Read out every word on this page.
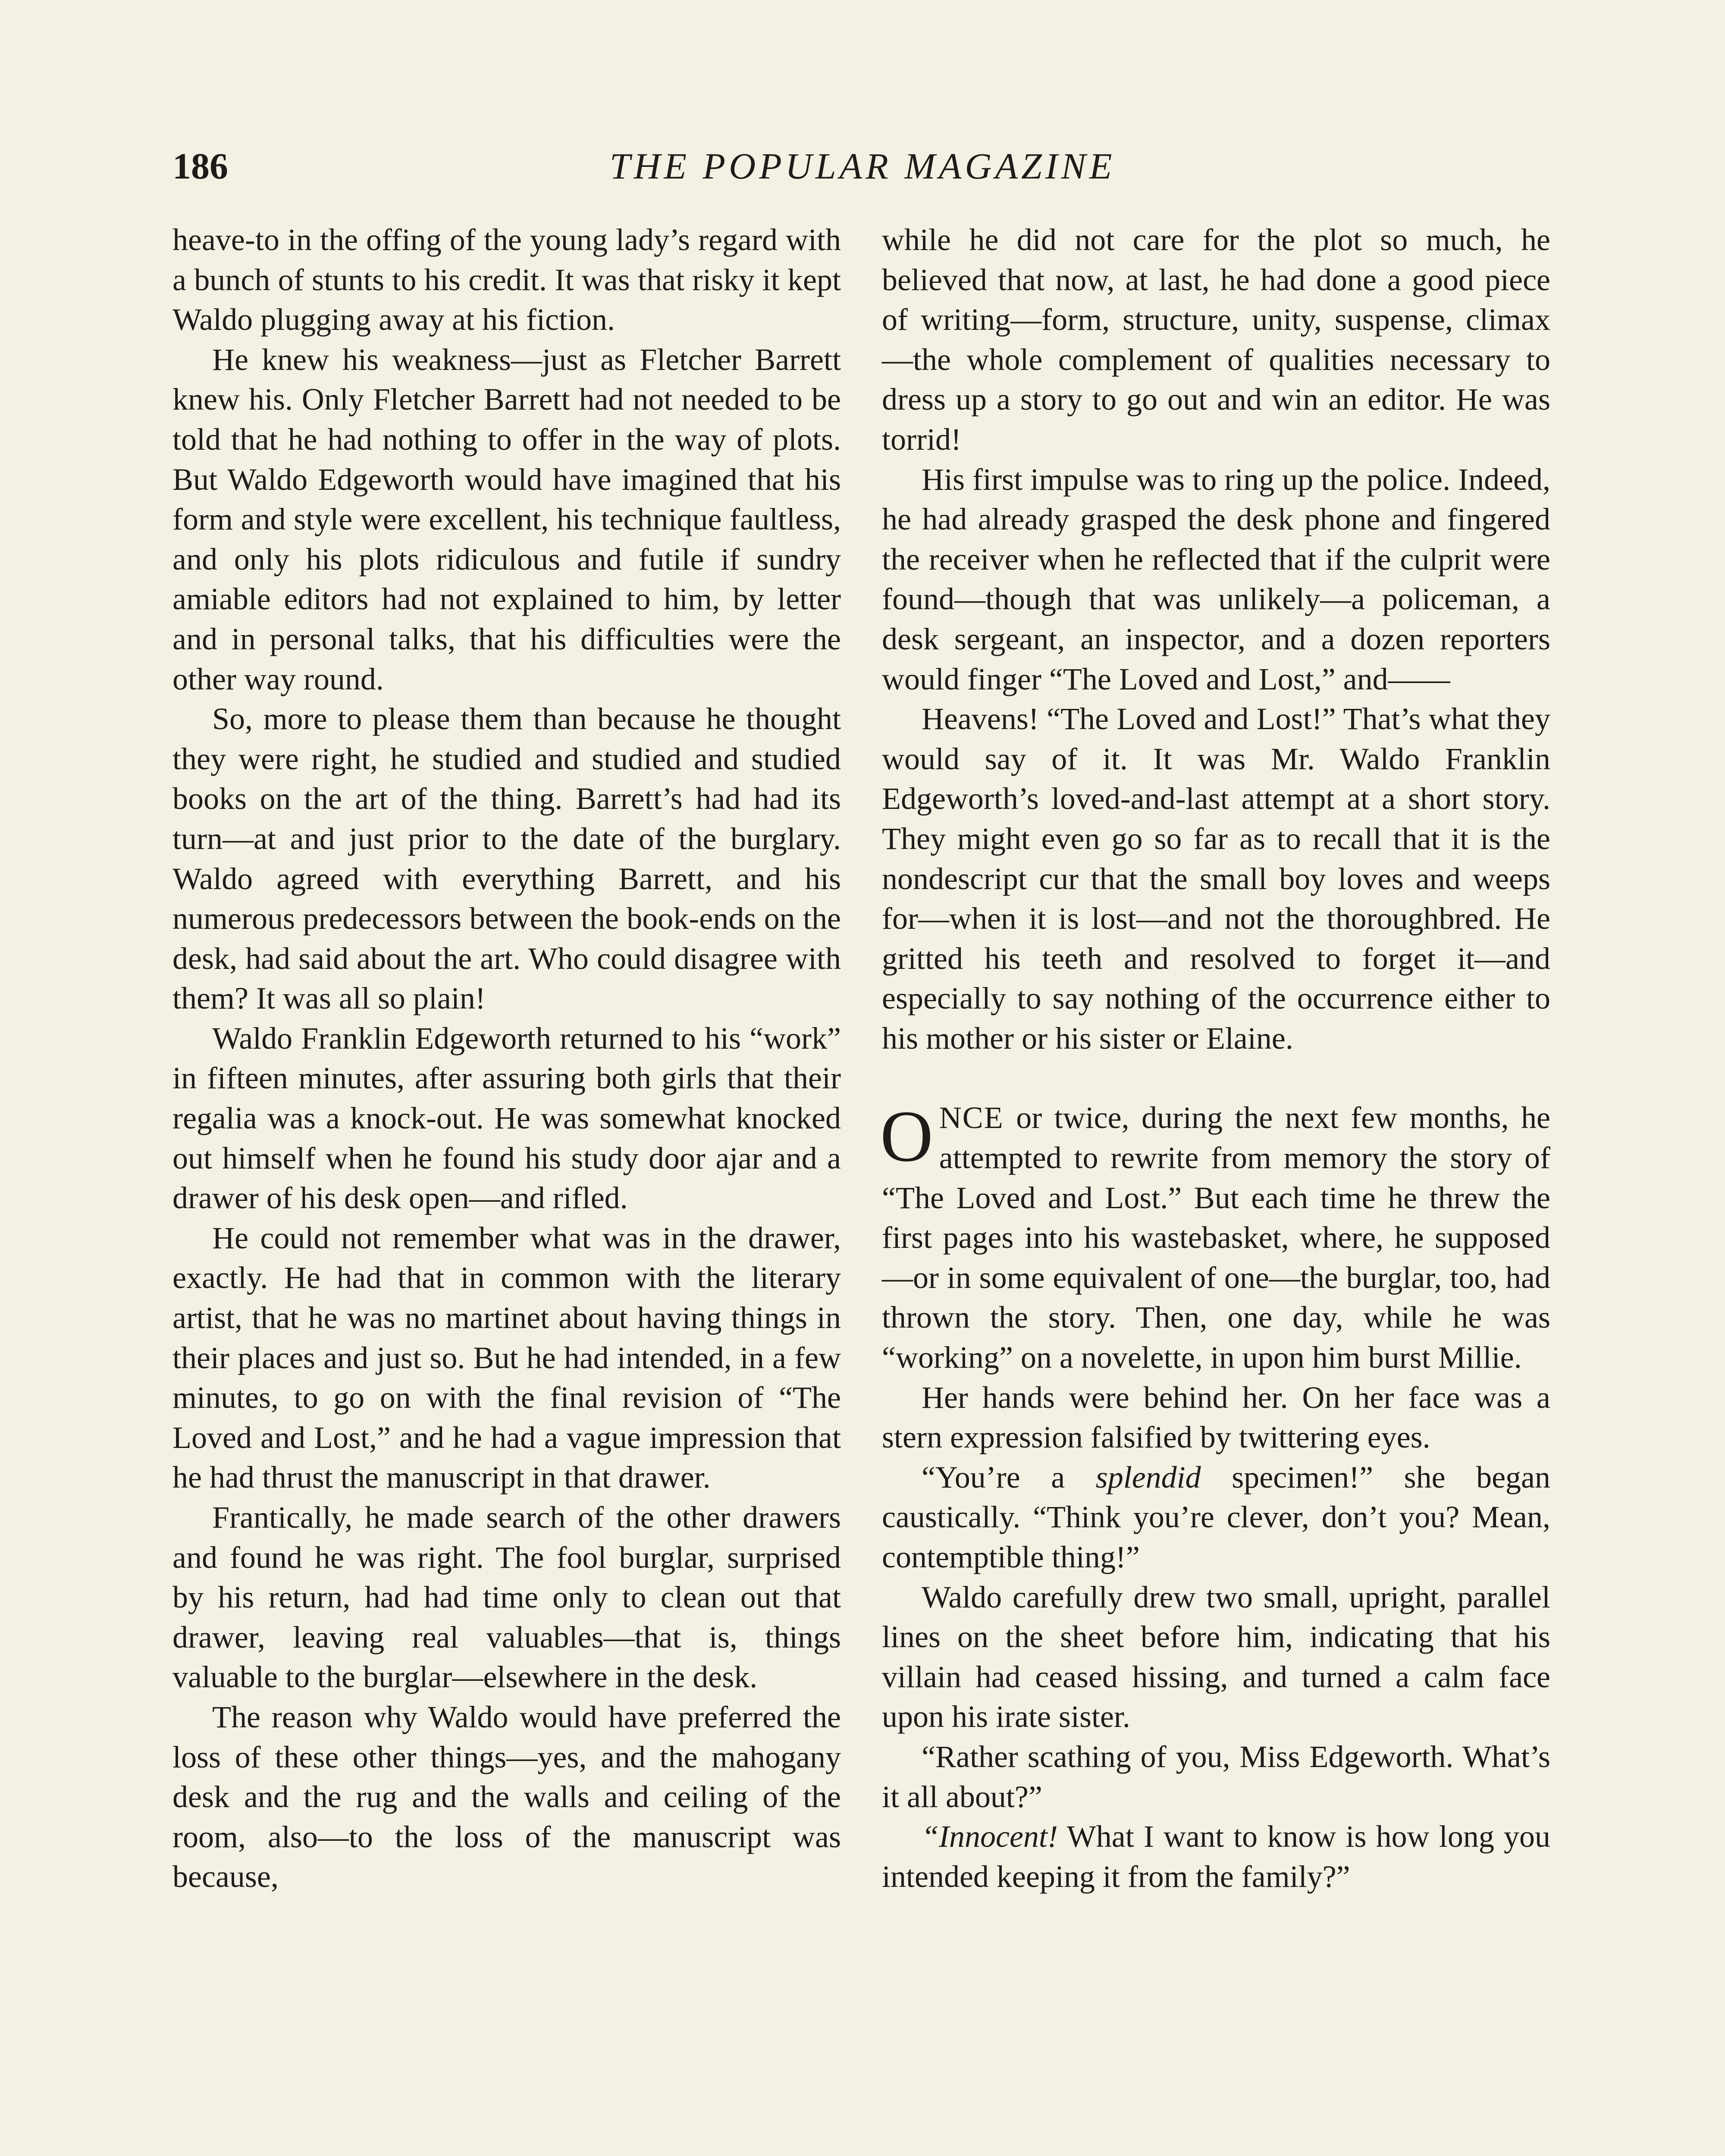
186	THE POPULAR MAGAZINE

heave-to in the offing of the young lady’s regard with a bunch of stunts to his credit. It was that risky it kept Waldo plugging away at his fiction.

He knew his weakness—just as Fletcher Barrett knew his. Only Fletcher Barrett had not needed to be told that he had nothing to offer in the way of plots. But Waldo Edgeworth would have imagined that his form and style were excellent, his technique faultless, and only his plots ridiculous and futile if sundry amiable editors had not explained to him, by letter and in personal talks, that his difficulties were the other way round.

So, more to please them than because he thought they were right, he studied and studied and studied books on the art of the thing. Barrett’s had had its turn—at and just prior to the date of the burglary. Waldo agreed with everything Barrett, and his numerous predecessors between the book-ends on the desk, had said about the art. Who could disagree with them? It was all so plain!

Waldo Franklin Edgeworth returned to his “work” in fifteen minutes, after assuring both girls that their regalia was a knock-out. He was somewhat knocked out himself when he found his study door ajar and a drawer of his desk open—and rifled.

He could not remember what was in the drawer, exactly. He had that in common with the literary artist, that he was no martinet about having things in their places and just so. But he had intended, in a few minutes, to go on with the final revision of “The Loved and Lost,” and he had a vague impression that he had thrust the manuscript in that drawer.

Frantically, he made search of the other drawers and found he was right. The fool burglar, surprised by his return, had had time only to clean out that drawer, leaving real valuables—that is, things valuable to the burglar—elsewhere in the desk.

The reason why Waldo would have preferred the loss of these other things—yes, and the mahogany desk and the rug and the walls and ceiling of the room, also—to the loss of the manuscript was because,

while he did not care for the plot so much, he believed that now, at last, he had done a good piece of writing—form, structure, unity, suspense, climax—the whole complement of qualities necessary to dress up a story to go out and win an editor. He was torrid!

His first impulse was to ring up the police. Indeed, he had already grasped the desk phone and fingered the receiver when he reflected that if the culprit were found—though that was unlikely—a policeman, a desk sergeant, an inspector, and a dozen reporters would finger “The Loved and Lost,” and——

Heavens! “The Loved and Lost!” That’s what they would say of it. It was Mr. Waldo Franklin Edgeworth’s loved-and-last attempt at a short story. They might even go so far as to recall that it is the nondescript cur that the small boy loves and weeps for—when it is lost—and not the thoroughbred. He gritted his teeth and resolved to forget it—and especially to say nothing of the occurrence either to his mother or his sister or Elaine.

ONCE or twice, during the next few months, he attempted to rewrite from memory the story of “The Loved and Lost.” But each time he threw the first pages into his wastebasket, where, he supposed—or in some equivalent of one—the burglar, too, had thrown the story. Then, one day, while he was “working” on a novelette, in upon him burst Millie.

Her hands were behind her. On her face was a stern expression falsified by twittering eyes.

“You’re a splendid specimen!” she began caustically. “Think you’re clever, don’t you? Mean, contemptible thing!”

Waldo carefully drew two small, upright, parallel lines on the sheet before him, indicating that his villain had ceased hissing, and turned a calm face upon his irate sister.

“Rather scathing of you, Miss Edgeworth. What’s it all about?”

“Innocent! What I want to know is how long you intended keeping it from the family?”
